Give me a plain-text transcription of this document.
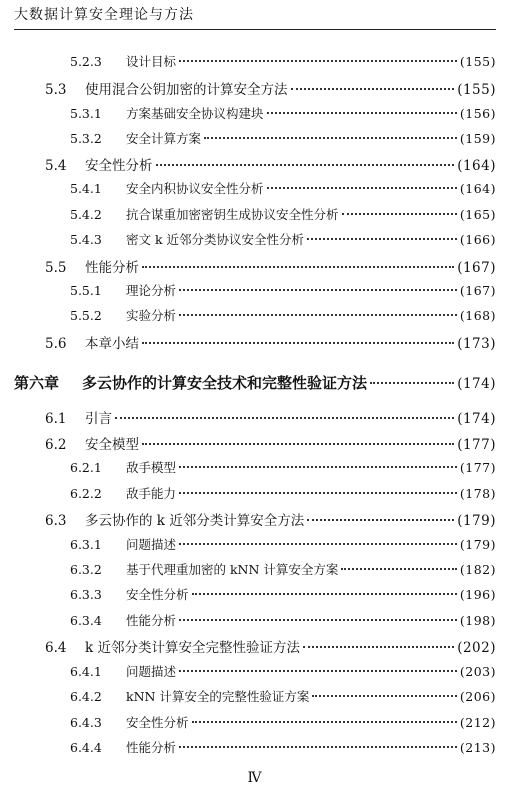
大数据计算安全理论与方法
5.2.3	设计目标	(155)
5.3	使用混合公钥加密的计算安全方法	(155)
5.3.1	方案基础安全协议构建块	(156)
5.3.2	安全计算方案	(159)
5.4	安全性分析	(164)
5.4.1	安全内积协议安全性分析	(164)
5.4.2	抗合谋重加密密钥生成协议安全性分析	(165)
5.4.3	密文 k 近邻分类协议安全性分析	(166)
5.5	性能分析	(167)
5.5.1	理论分析	(167)
5.5.2	实验分析	(168)
5.6	本章小结	(173)
第六章	多云协作的计算安全技术和完整性验证方法	(174)
6.1	引言	(174)
6.2	安全模型	(177)
6.2.1	敌手模型	(177)
6.2.2	敌手能力	(178)
6.3	多云协作的 k 近邻分类计算安全方法	(179)
6.3.1	问题描述	(179)
6.3.2	基于代理重加密的 kNN 计算安全方案	(182)
6.3.3	安全性分析	(196)
6.3.4	性能分析	(198)
6.4	k 近邻分类计算安全完整性验证方法	(202)
6.4.1	问题描述	(203)
6.4.2	kNN 计算安全的完整性验证方案	(206)
6.4.3	安全性分析	(212)
6.4.4	性能分析	(213)
Ⅳ
